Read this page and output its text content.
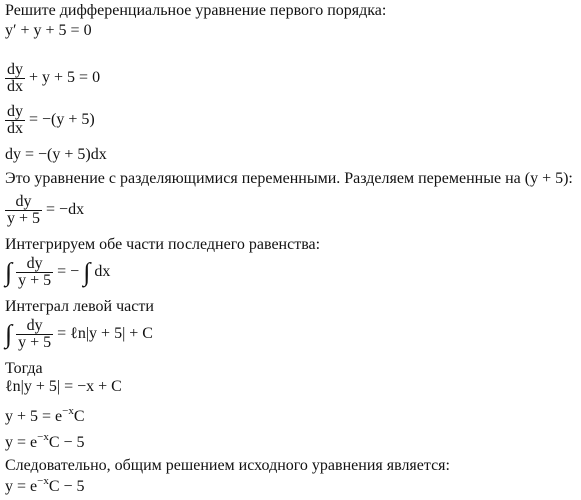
Решите дифференциальное уравнение первого порядка:
y′ + y + 5 = 0
$\frac{dy}{dx} + y + 5 = 0$
$\frac{dy}{dx} = -(y + 5)$
dy = −(y + 5)dx
Это уравнение с разделяющимися переменными. Разделяем переменные на (y + 5):
$\frac{dy}{y + 5} = -dx$
Интегрируем обе части последнего равенства:
∫ $\frac{dy}{y + 5}$ = − ∫ dx
Интеграл левой части
∫ $\frac{dy}{y + 5}$ = ℓn|y + 5| + C
Тогда
ℓn|y + 5| = −x + C
$y + 5 = e^{-x}C$
$y = e^{-x}C - 5$
Следовательно, общим решением исходного уравнения является:
$y = e^{-x}C - 5$
